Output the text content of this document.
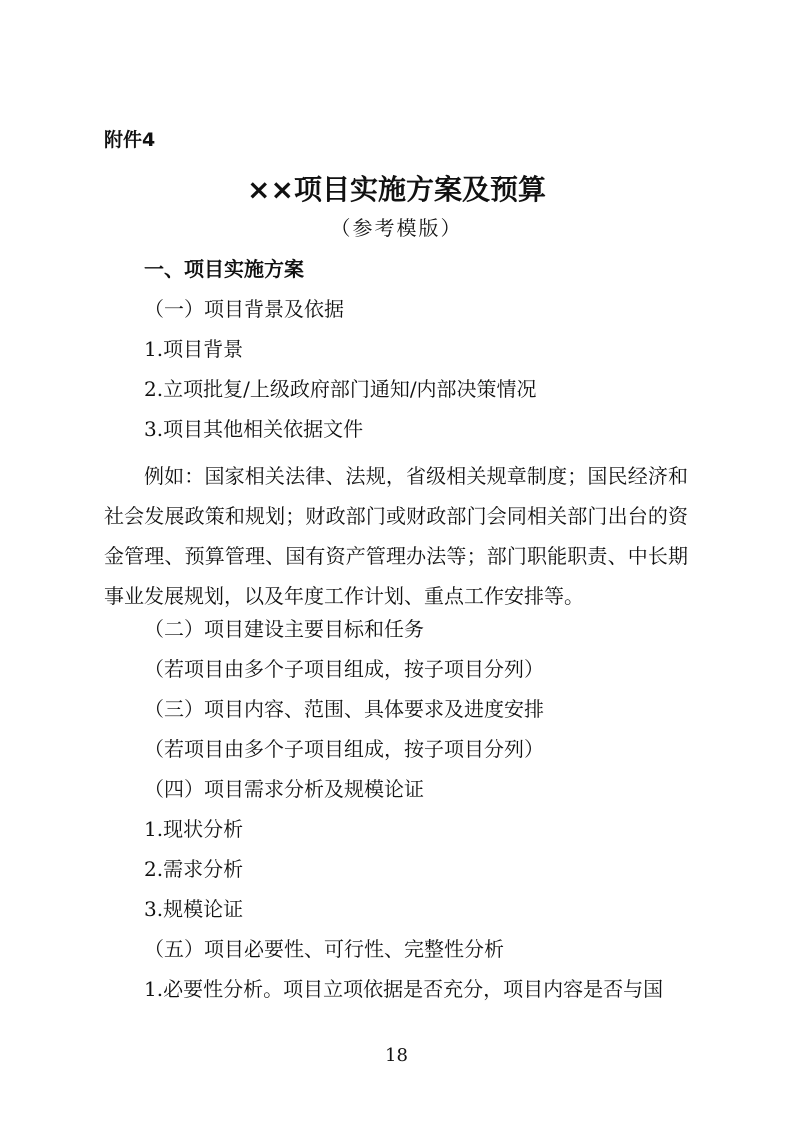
附件4
××项目实施方案及预算
（参考模版）
一、项目实施方案
（一）项目背景及依据
1.项目背景
2.立项批复/上级政府部门通知/内部决策情况
3.项目其他相关依据文件

例如：国家相关法律、法规，省级相关规章制度；国民经济和社会发展政策和规划；财政部门或财政部门会同相关部门出台的资金管理、预算管理、国有资产管理办法等；部门职能职责、中长期事业发展规划，以及年度工作计划、重点工作安排等。

（二）项目建设主要目标和任务
（若项目由多个子项目组成，按子项目分列）
（三）项目内容、范围、具体要求及进度安排
（若项目由多个子项目组成，按子项目分列）
（四）项目需求分析及规模论证
1.现状分析
2.需求分析
3.规模论证
（五）项目必要性、可行性、完整性分析
1.必要性分析。项目立项依据是否充分，项目内容是否与国
18
